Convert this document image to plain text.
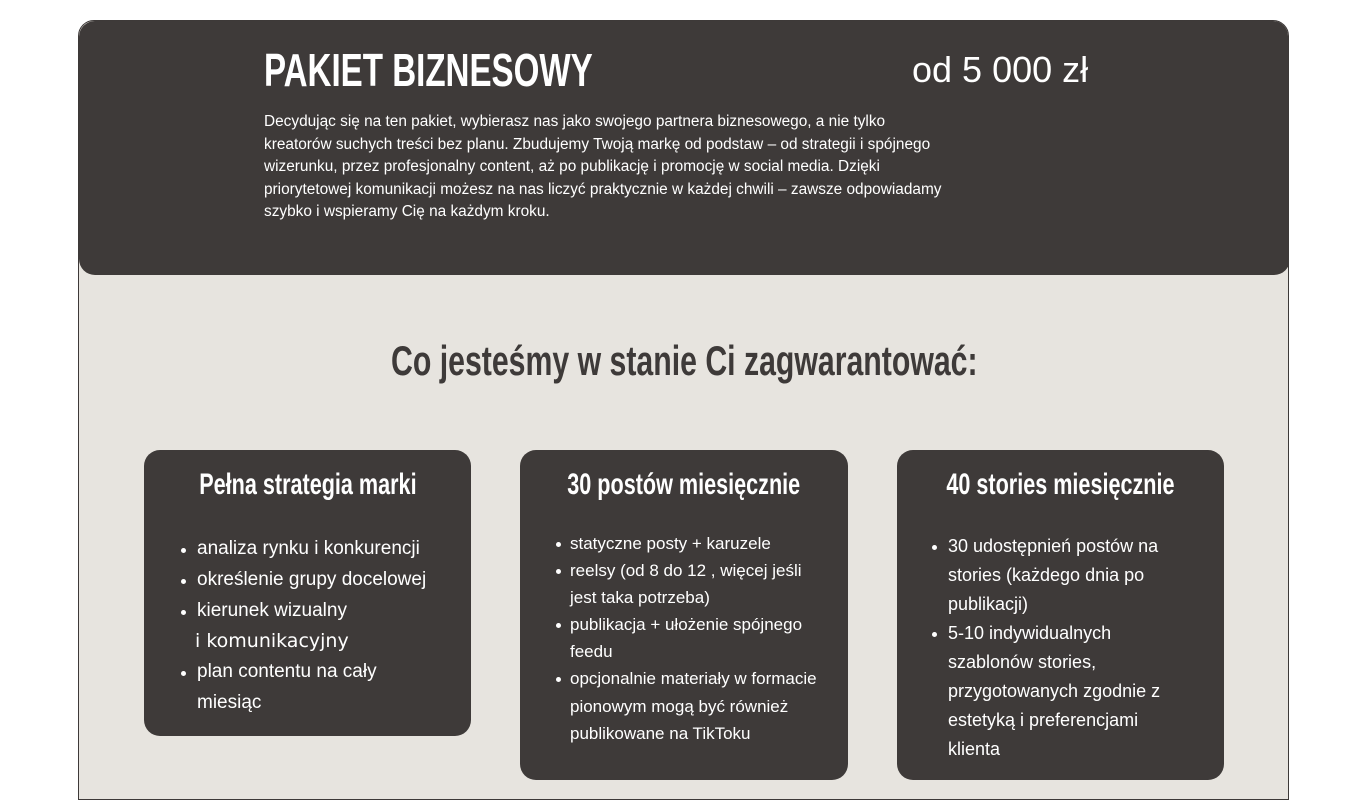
PAKIET BIZNESOWY	od 5 000 zł
Decydując się na ten pakiet, wybierasz nas jako swojego partnera biznesowego, a nie tylko kreatorów suchych treści bez planu. Zbudujemy Twoją markę od podstaw – od strategii i spójnego wizerunku, przez profesjonalny content, aż po publikację i promocję w social media. Dzięki priorytetowej komunikacji możesz na nas liczyć praktycznie w każdej chwili – zawsze odpowiadamy szybko i wspieramy Cię na każdym kroku.
Co jesteśmy w stanie Ci zagwarantować:
Pełna strategia marki
analiza rynku i konkurencji
określenie grupy docelowej
kierunek wizualny
i komunikacyjny
plan contentu na cały miesiąc
30 postów miesięcznie
statyczne posty + karuzele
reelsy (od 8 do 12 , więcej jeśli jest taka potrzeba)
publikacja + ułożenie spójnego feedu
opcjonalnie materiały w formacie pionowym mogą być również publikowane na TikToku
40 stories miesięcznie
30 udostępnień postów na stories (każdego dnia po publikacji)
5-10 indywidualnych szablonów stories, przygotowanych zgodnie z estetyką i preferencjami klienta
